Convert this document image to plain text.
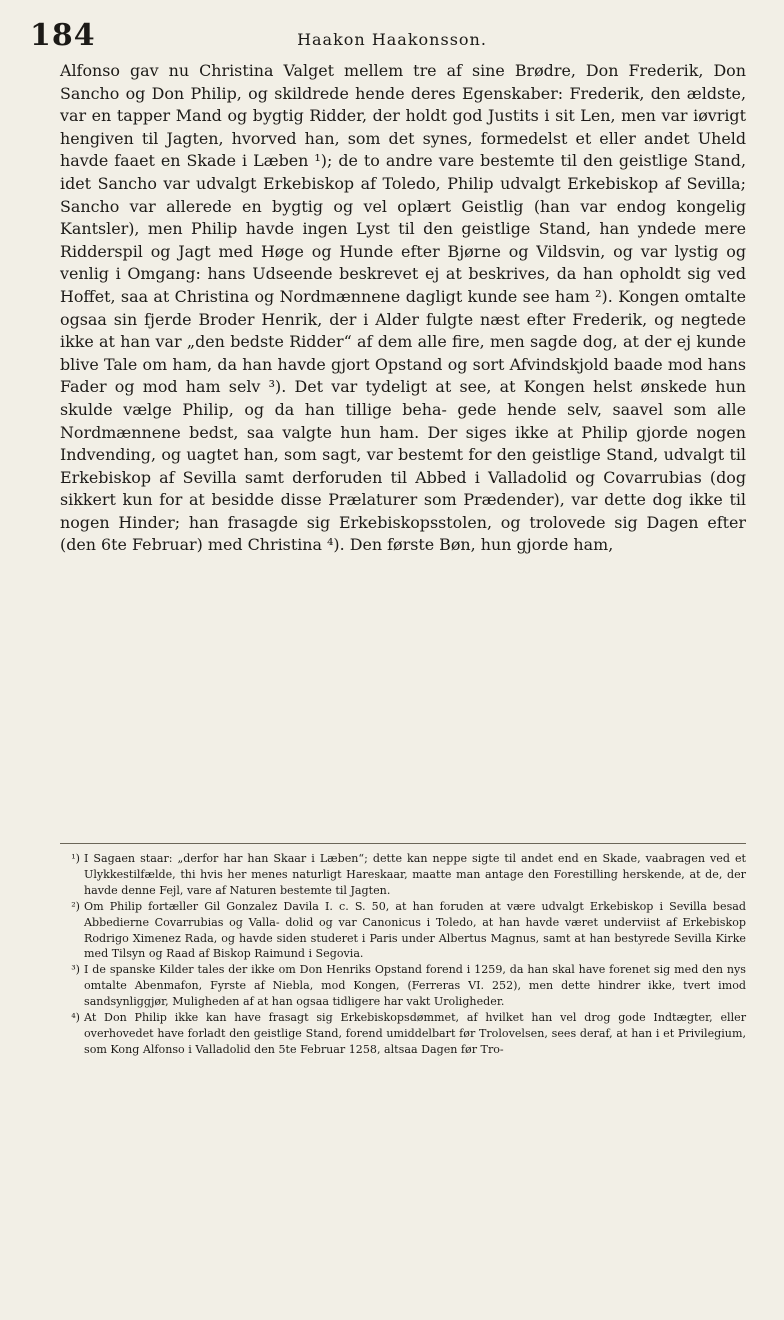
184	Haakon Haakonsson.

Alfonso gav nu Christina Valget mellem tre af sine Brødre, Don Frederik, Don Sancho og Don Philip, og skildrede hende deres Egenskaber: Frederik, den ældste, var en tapper Mand og bygtig Ridder, der holdt god Justits i sit Len, men var iøvrigt hengiven til Jagten, hvorved han, som det synes, formedelst et eller andet Uheld havde faaet en Skade i Læben ¹); de to andre vare bestemte til den geistlige Stand, idet Sancho var udvalgt Erkebiskop af Toledo, Philip udvalgt Erkebiskop af Sevilla; Sancho var allerede en bygtig og vel oplært Geistlig (han var endog kongelig Kantsler), men Philip havde ingen Lyst til den geistlige Stand, han yndede mere Ridderspil og Jagt med Høge og Hunde efter Bjørne og Vildsvin, og var lystig og venlig i Omgang: hans Udseende beskrevet ej at beskrives, da han opholdt sig ved Hoffet, saa at Christina og Nordmænnene dagligt kunde see ham ²). Kongen omtalte ogsaa sin fjerde Broder Henrik, der i Alder fulgte næst efter Frederik, og negtede ikke at han var „den bedste Ridder“ af dem alle fire, men sagde dog, at der ej kunde blive Tale om ham, da han havde gjort Opstand og sort Afvindskjold baade mod hans Fader og mod ham selv ³). Det var tydeligt at see, at Kongen helst ønskede hun skulde vælge Philip, og da han tillige beha- gede hende selv, saavel som alle Nordmænnene bedst, saa valgte hun ham. Der siges ikke at Philip gjorde nogen Indvending, og uagtet han, som sagt, var bestemt for den geistlige Stand, udvalgt til Erkebiskop af Sevilla samt derforuden til Abbed i Valladolid og Covarrubias (dog sikkert kun for at besidde disse Prælaturer som Prædender), var dette dog ikke til nogen Hinder; han frasagde sig Erkebiskopsstolen, og trolovede sig Dagen efter (den 6te Februar) med Christina ⁴). Den første Bøn, hun gjorde ham,

¹) I Sagaen staar: „derfor har han Skaar i Læben“; dette kan neppe sigte til andet end en Skade, vaabragen ved et Ulykkestilfælde, thi hvis her menes naturligt Hareskaar, maatte man antage den Forestilling herskende, at de, der havde denne Fejl, vare af Naturen bestemte til Jagten.
²) Om Philip fortæller Gil Gonzalez Davila I. c. S. 50, at han foruden at være udvalgt Erkebiskop i Sevilla besad Abbedierne Covarrubias og Valla- dolid og var Canonicus i Toledo, at han havde været underviist af Erkebiskop Rodrigo Ximenez Rada, og havde siden studeret i Paris under Albertus Magnus, samt at han bestyrede Sevilla Kirke med Tilsyn og Raad af Biskop Raimund i Segovia.
³) I de spanske Kilder tales der ikke om Don Henriks Opstand forend i 1259, da han skal have forenet sig med den nys omtalte Abenmafon, Fyrste af Niebla, mod Kongen, (Ferreras VI. 252), men dette hindrer ikke, tvert imod sandsynliggjør, Muligheden af at han ogsaa tidligere har vakt Uroligheder.
⁴) At Don Philip ikke kan have frasagt sig Erkebiskopsdømmet, af hvilket han vel drog gode Indtægter, eller overhovedet have forladt den geistlige Stand, forend umiddelbart før Trolovelsen, sees deraf, at han i et Privilegium, som Kong Alfonso i Valladolid den 5te Februar 1258, altsaa Dagen før Tro-
